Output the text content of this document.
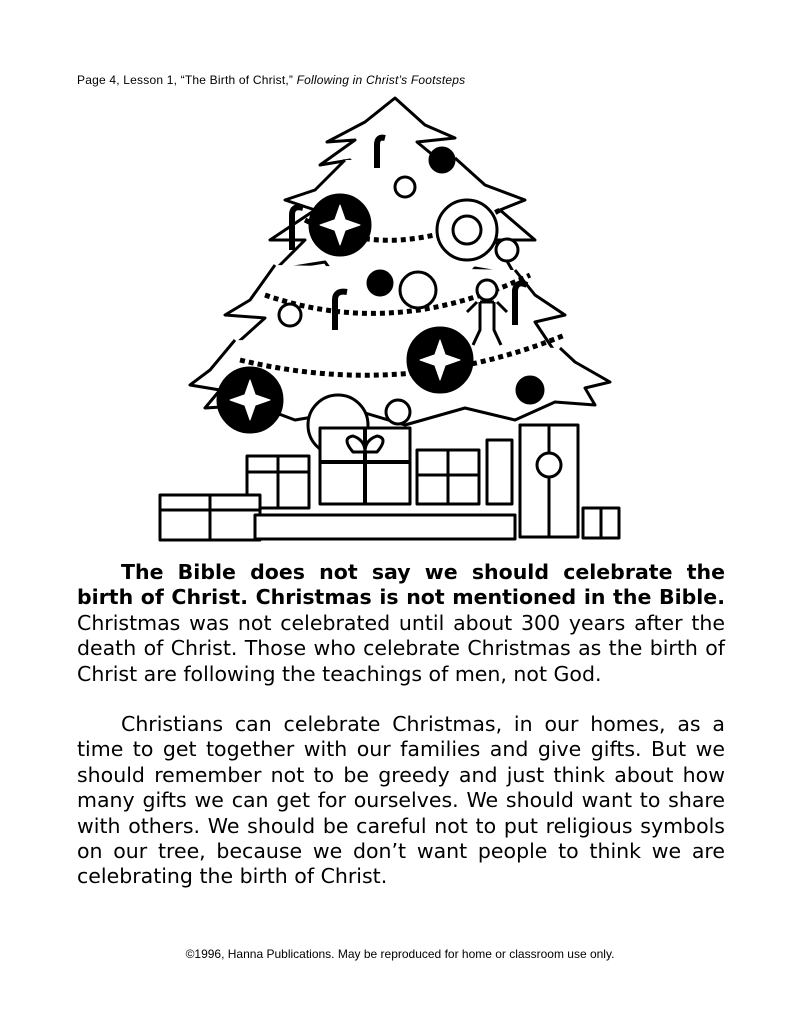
Page 4, Lesson 1, “The Birth of Christ,” Following in Christ’s Footsteps

The Bible does not say we should celebrate the birth of Christ. Christmas is not mentioned in the Bible. Christmas was not celebrated until about 300 years after the death of Christ. Those who celebrate Christmas as the birth of Christ are following the teachings of men, not God.

Christians can celebrate Christmas, in our homes, as a time to get together with our families and give gifts. But we should remember not to be greedy and just think about how many gifts we can get for ourselves. We should want to share with others. We should be careful not to put religious symbols on our tree, because we don’t want people to think we are celebrating the birth of Christ.

©1996, Hanna Publications. May be reproduced for home or classroom use only.
